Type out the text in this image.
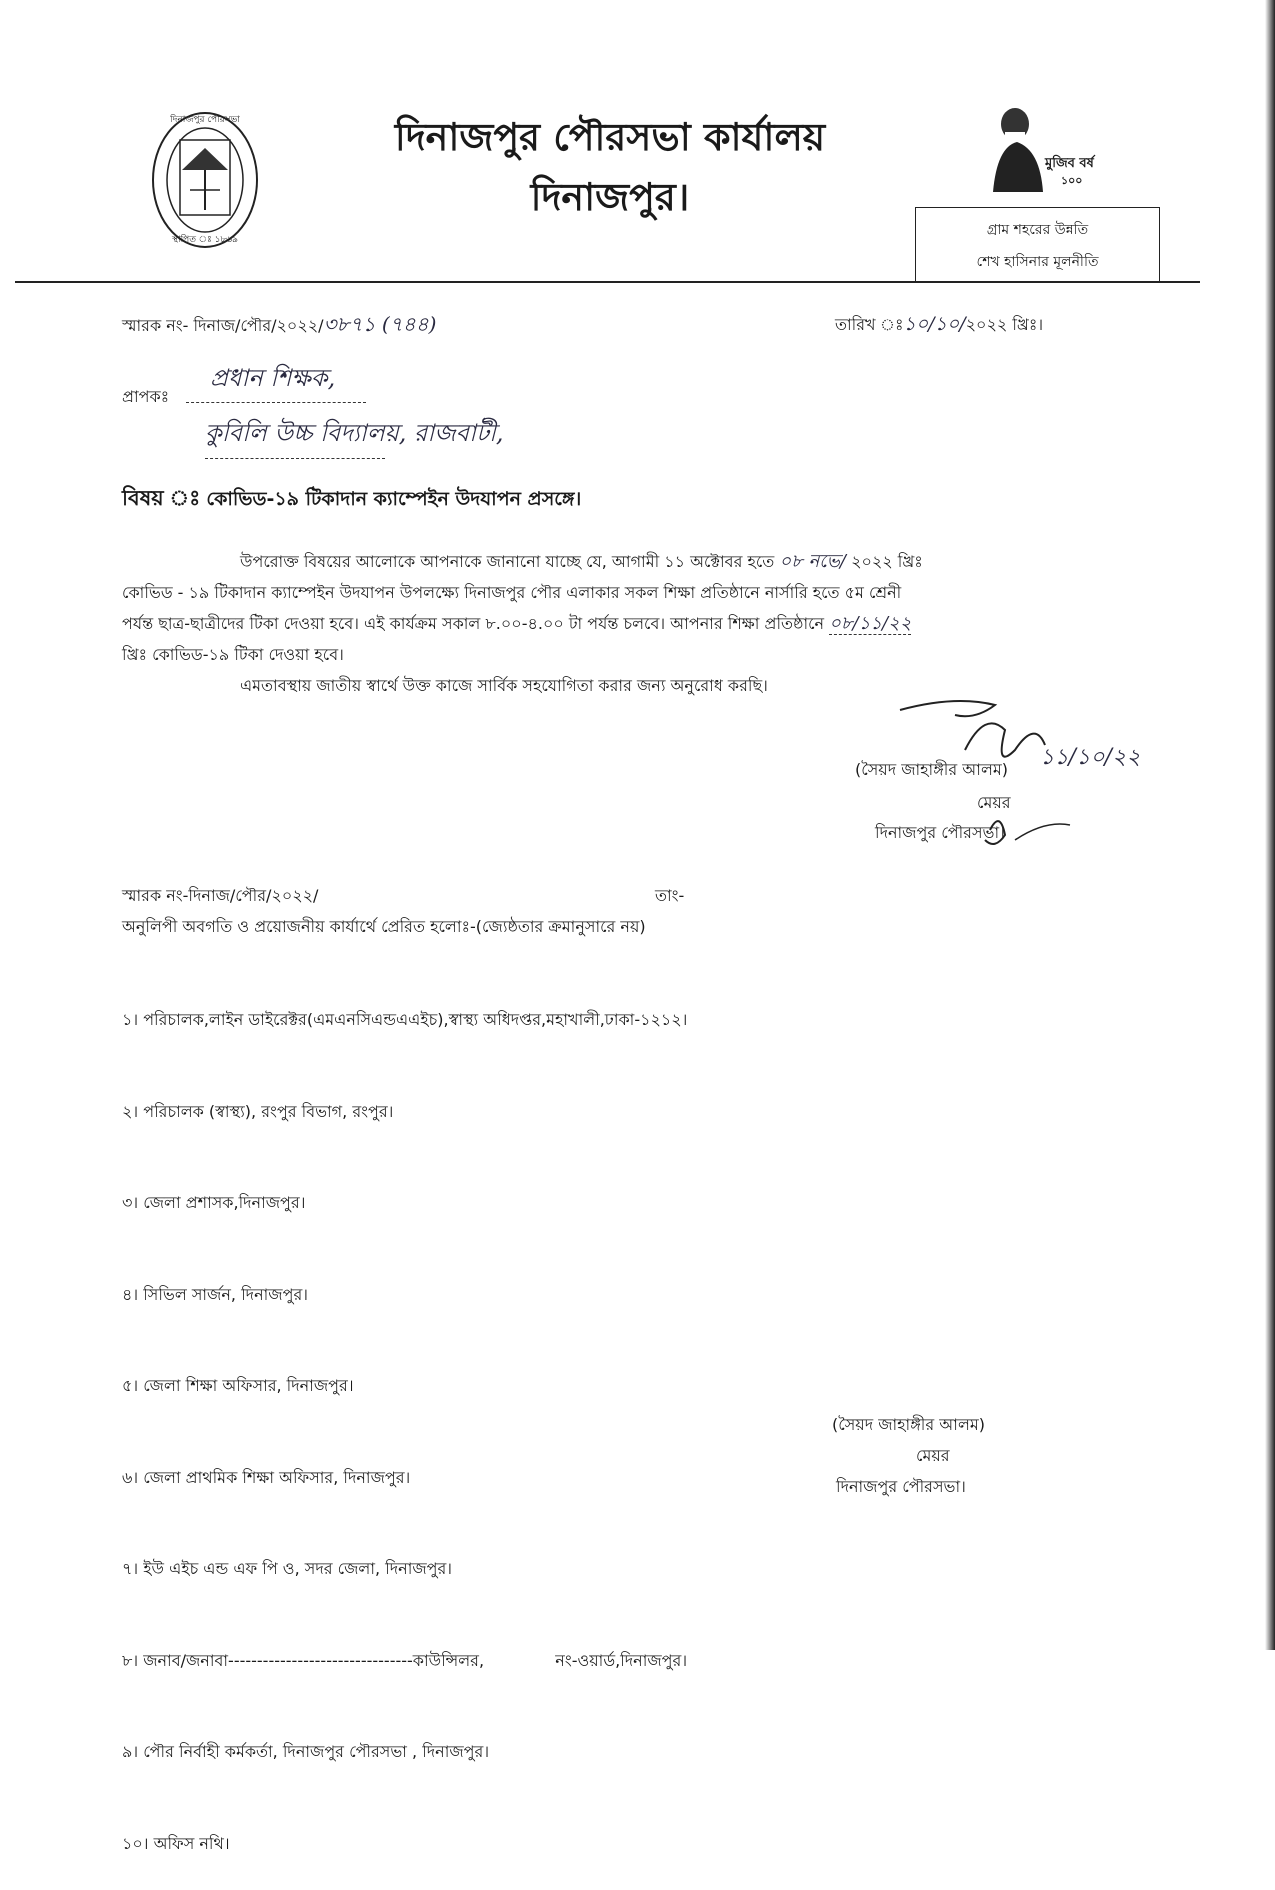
দিনাজপুর পৌরসভা
স্থাপিত ঃ ১৮৬৯
দিনাজপুর পৌরসভা কার্যালয়
দিনাজপুর।
মুজিব বর্ষ
১০০
গ্রাম শহরের উন্নতি
শেখ হাসিনার মূলনীতি
স্মারক নং- দিনাজ/পৌর/২০২২/৩৮৭১ (৭৪৪)	তারিখ ঃ১০/১০/২০২২ খ্রিঃ।
প্রাপকঃ
প্রধান শিক্ষক,
কুবিলি উচ্চ বিদ্যালয়, রাজবাটী,
বিষয় ঃ কোভিড-১৯ টিকাদান ক্যাম্পেইন উদযাপন প্রসঙ্গে।
উপরোক্ত বিষয়ের আলোকে আপনাকে জানানো যাচ্ছে যে, আগামী ১১ অক্টোবর হতে ০৮ নভে/ ২০২২ খ্রিঃ
কোভিড - ১৯ টিকাদান ক্যাম্পেইন উদযাপন উপলক্ষ্যে দিনাজপুর পৌর এলাকার সকল শিক্ষা প্রতিষ্ঠানে নার্সারি হতে ৫ম শ্রেনী
পর্যন্ত ছাত্র-ছাত্রীদের টিকা দেওয়া হবে। এই কার্যক্রম সকাল ৮.০০-৪.০০ টা পর্যন্ত চলবে। আপনার শিক্ষা প্রতিষ্ঠানে ০৮/১১/২২
খ্রিঃ কোভিড-১৯ টিকা দেওয়া হবে।
এমতাবস্থায় জাতীয় স্বার্থে উক্ত কাজে সার্বিক সহযোগিতা করার জন্য অনুরোধ করছি।
১১/১০/২২
(সৈয়দ জাহাঙ্গীর আলম)
মেয়র
দিনাজপুর পৌরসভা।
স্মারক নং-দিনাজ/পৌর/২০২২/	তাং-
অনুলিপী অবগতি ও প্রয়োজনীয় কার্যার্থে প্রেরিত হলোঃ-(জ্যেষ্ঠতার ক্রমানুসারে নয়)

১। পরিচালক,লাইন ডাইরেক্টর(এমএনসিএন্ডএএইচ),স্বাস্থ্য অধিদপ্তর,মহাখালী,ঢাকা-১২১২।

২। পরিচালক (স্বাস্থ্য), রংপুর বিভাগ, রংপুর।

৩। জেলা প্রশাসক,দিনাজপুর।

৪। সিভিল সার্জন, দিনাজপুর।

৫। জেলা শিক্ষা অফিসার, দিনাজপুর।

৬। জেলা প্রাথমিক শিক্ষা অফিসার, দিনাজপুর।

৭। ইউ এইচ এন্ড এফ পি ও, সদর জেলা, দিনাজপুর।

৮। জনাব/জনাবা--------------------------------কাউন্সিলর,              নং-ওয়ার্ড,দিনাজপুর।

৯। পৌর নির্বাহী কর্মকর্তা, দিনাজপুর পৌরসভা , দিনাজপুর।

১০। অফিস নথি।

(সৈয়দ জাহাঙ্গীর আলম)
মেয়র
দিনাজপুর পৌরসভা।
